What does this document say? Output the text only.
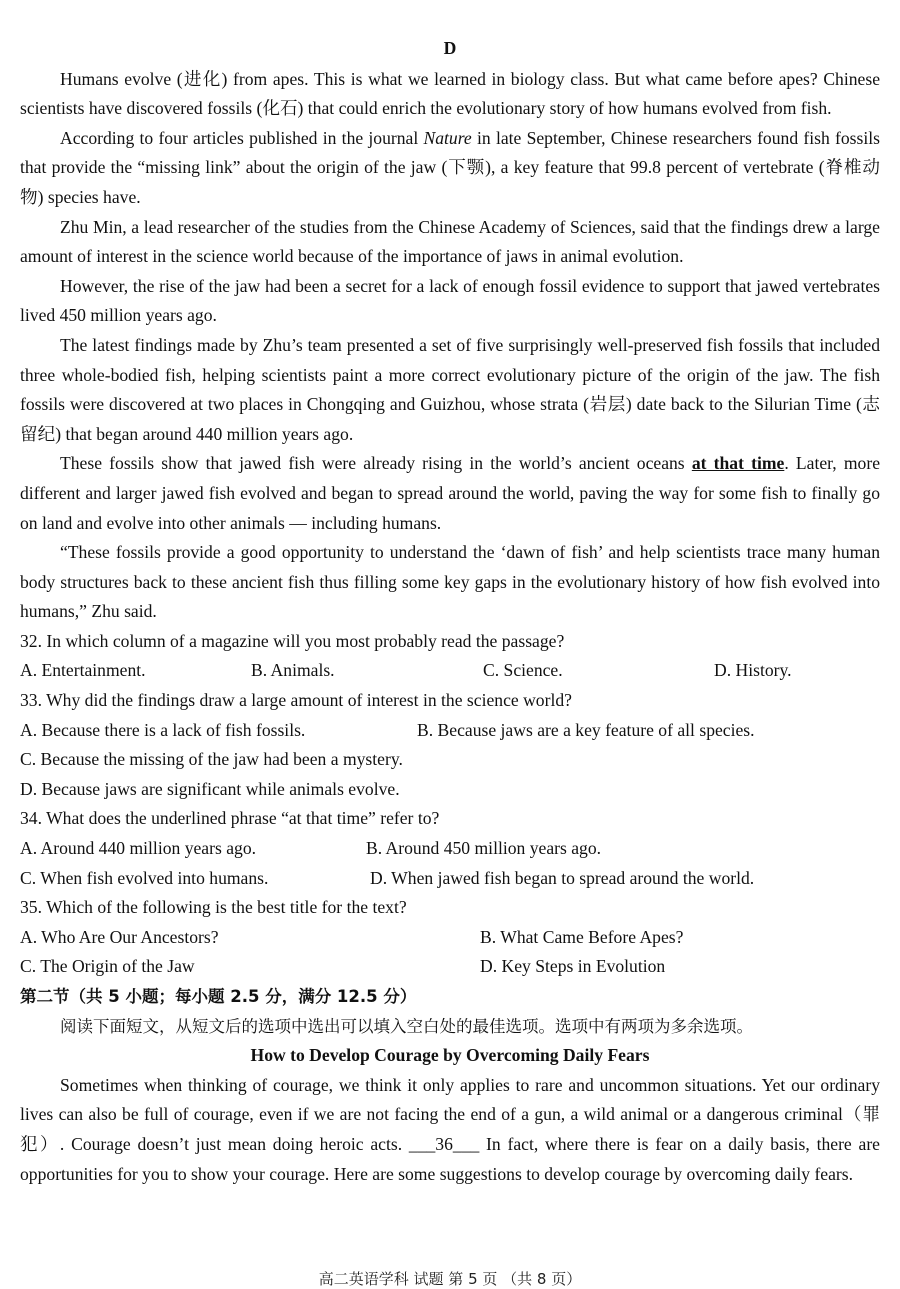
D

Humans evolve (进化) from apes. This is what we learned in biology class. But what came before apes? Chinese scientists have discovered fossils (化石) that could enrich the evolutionary story of how humans evolved from fish.

According to four articles published in the journal Nature in late September, Chinese researchers found fish fossils that provide the “missing link” about the origin of the jaw (下颚), a key feature that 99.8 percent of vertebrate (脊椎动物) species have.

Zhu Min, a lead researcher of the studies from the Chinese Academy of Sciences, said that the findings drew a large amount of interest in the science world because of the importance of jaws in animal evolution.

However, the rise of the jaw had been a secret for a lack of enough fossil evidence to support that jawed vertebrates lived 450 million years ago.

The latest findings made by Zhu’s team presented a set of five surprisingly well-preserved fish fossils that included three whole-bodied fish, helping scientists paint a more correct evolutionary picture of the origin of the jaw. The fish fossils were discovered at two places in Chongqing and Guizhou, whose strata (岩层) date back to the Silurian Time (志留纪) that began around 440 million years ago.

These fossils show that jawed fish were already rising in the world’s ancient oceans at that time. Later, more different and larger jawed fish evolved and began to spread around the world, paving the way for some fish to finally go on land and evolve into other animals — including humans.

“These fossils provide a good opportunity to understand the ‘dawn of fish’ and help scientists trace many human body structures back to these ancient fish thus filling some key gaps in the evolutionary history of how fish evolved into humans,” Zhu said.

32. In which column of a magazine will you most probably read the passage?
A. Entertainment.	B. Animals.	C. Science.	D. History.
33. Why did the findings draw a large amount of interest in the science world?
A. Because there is a lack of fish fossils.	B. Because jaws are a key feature of all species.
C. Because the missing of the jaw had been a mystery.
D. Because jaws are significant while animals evolve.
34. What does the underlined phrase “at that time” refer to?
A. Around 440 million years ago.	B. Around 450 million years ago.
C. When fish evolved into humans.	D. When jawed fish began to spread around the world.
35. Which of the following is the best title for the text?
A. Who Are Our Ancestors?	B. What Came Before Apes?
C. The Origin of the Jaw	D. Key Steps in Evolution
第二节（共 5 小题；每小题 2.5 分，满分 12.5 分）
阅读下面短文，从短文后的选项中选出可以填入空白处的最佳选项。选项中有两项为多余选项。
How to Develop Courage by Overcoming Daily Fears

Sometimes when thinking of courage, we think it only applies to rare and uncommon situations. Yet our ordinary lives can also be full of courage, even if we are not facing the end of a gun, a wild animal or a dangerous criminal（罪犯）. Courage doesn’t just mean doing heroic acts. ___36___ In fact, where there is fear on a daily basis, there are opportunities for you to show your courage. Here are some suggestions to develop courage by overcoming daily fears.

高二英语学科 试题 第 5 页 （共 8 页）
